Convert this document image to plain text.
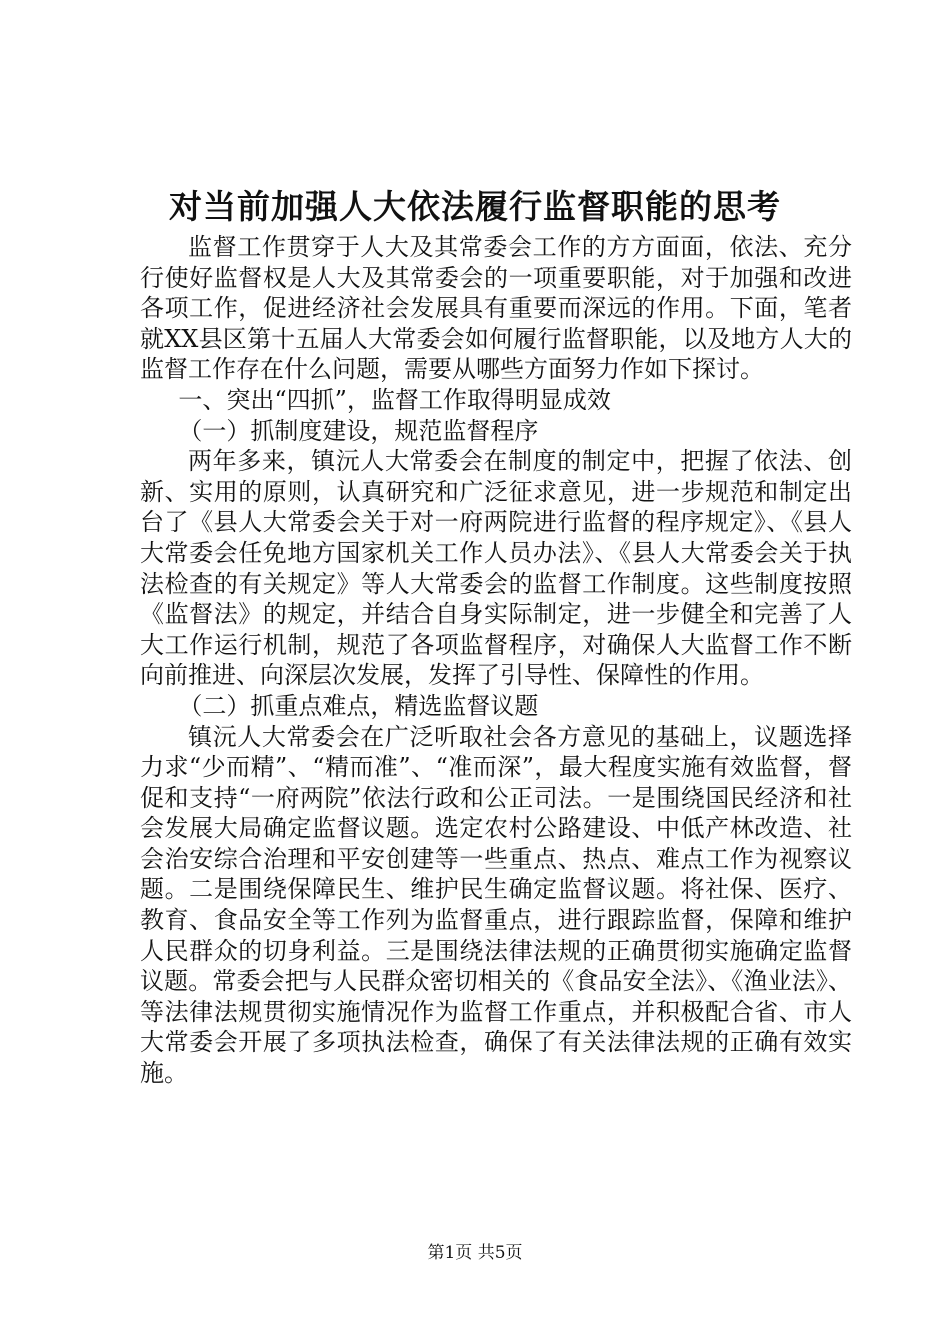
对当前加强人大依法履行监督职能的思考

监督工作贯穿于人大及其常委会工作的方方面面，依法、充分行使好监督权是人大及其常委会的一项重要职能，对于加强和改进各项工作，促进经济社会发展具有重要而深远的作用。下面，笔者就XX县区第十五届人大常委会如何履行监督职能，以及地方人大的监督工作存在什么问题，需要从哪些方面努力作如下探讨。

一、突出“四抓”，监督工作取得明显成效

（一）抓制度建设，规范监督程序

两年多来，镇沅人大常委会在制度的制定中，把握了依法、创新、实用的原则，认真研究和广泛征求意见，进一步规范和制定出台了《县人大常委会关于对一府两院进行监督的程序规定》、《县人大常委会任免地方国家机关工作人员办法》、《县人大常委会关于执法检查的有关规定》等人大常委会的监督工作制度。这些制度按照《监督法》的规定，并结合自身实际制定，进一步健全和完善了人大工作运行机制，规范了各项监督程序，对确保人大监督工作不断向前推进、向深层次发展，发挥了引导性、保障性的作用。

（二）抓重点难点，精选监督议题

镇沅人大常委会在广泛听取社会各方意见的基础上，议题选择力求“少而精”、“精而准”、“准而深”，最大程度实施有效监督，督促和支持“一府两院”依法行政和公正司法。一是围绕国民经济和社会发展大局确定监督议题。选定农村公路建设、中低产林改造、社会治安综合治理和平安创建等一些重点、热点、难点工作为视察议题。二是围绕保障民生、维护民生确定监督议题。将社保、医疗、教育、食品安全等工作列为监督重点，进行跟踪监督，保障和维护人民群众的切身利益。三是围绕法律法规的正确贯彻实施确定监督议题。常委会把与人民群众密切相关的《食品安全法》、《渔业法》、等法律法规贯彻实施情况作为监督工作重点，并积极配合省、市人大常委会开展了多项执法检查，确保了有关法律法规的正确有效实施。

第1页 共5页
